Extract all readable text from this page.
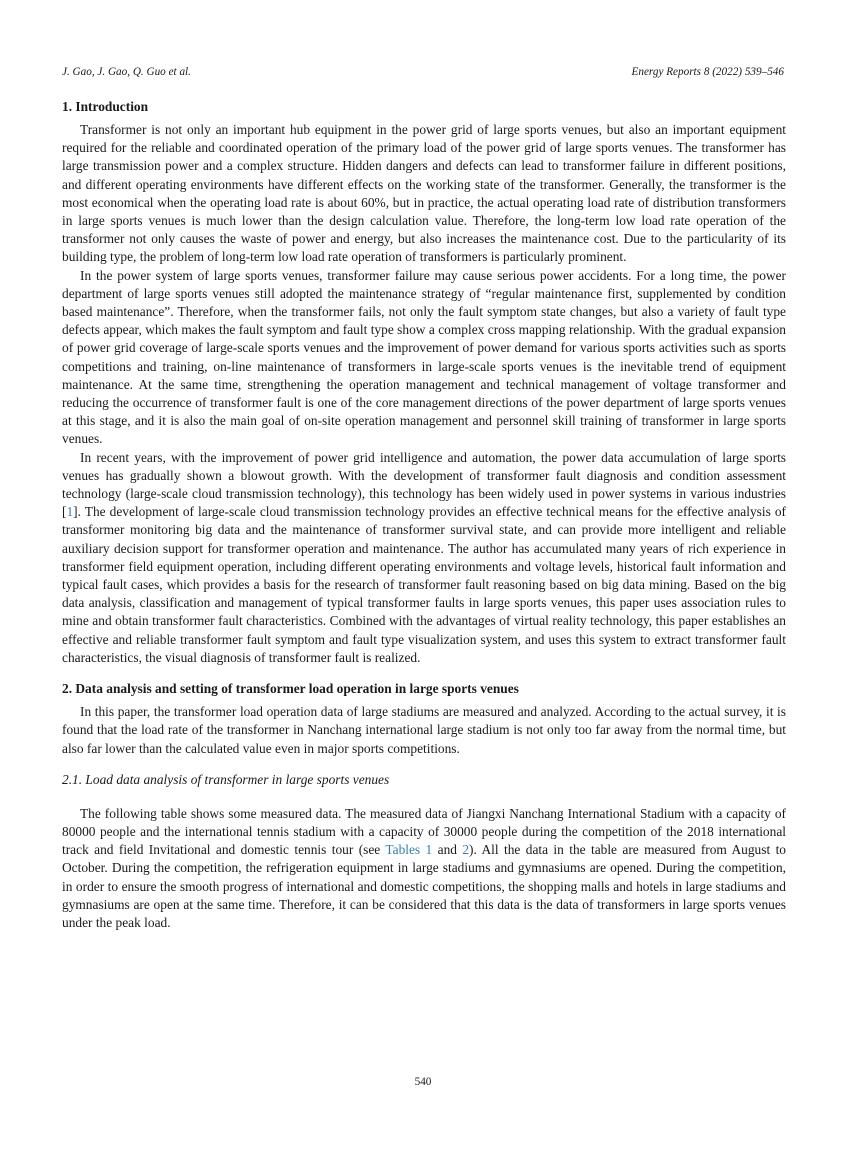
J. Gao, J. Gao, Q. Guo et al.	Energy Reports 8 (2022) 539–546
1. Introduction

Transformer is not only an important hub equipment in the power grid of large sports venues, but also an important equipment required for the reliable and coordinated operation of the primary load of the power grid of large sports venues. The transformer has large transmission power and a complex structure. Hidden dangers and defects can lead to transformer failure in different positions, and different operating environments have different effects on the working state of the transformer. Generally, the transformer is the most economical when the operating load rate is about 60%, but in practice, the actual operating load rate of distribution transformers in large sports venues is much lower than the design calculation value. Therefore, the long-term low load rate operation of the transformer not only causes the waste of power and energy, but also increases the maintenance cost. Due to the particularity of its building type, the problem of long-term low load rate operation of transformers is particularly prominent.

In the power system of large sports venues, transformer failure may cause serious power accidents. For a long time, the power department of large sports venues still adopted the maintenance strategy of “regular maintenance first, supplemented by condition based maintenance”. Therefore, when the transformer fails, not only the fault symptom state changes, but also a variety of fault type defects appear, which makes the fault symptom and fault type show a complex cross mapping relationship. With the gradual expansion of power grid coverage of large-scale sports venues and the improvement of power demand for various sports activities such as sports competitions and training, on-line maintenance of transformers in large-scale sports venues is the inevitable trend of equipment maintenance. At the same time, strengthening the operation management and technical management of voltage transformer and reducing the occurrence of transformer fault is one of the core management directions of the power department of large sports venues at this stage, and it is also the main goal of on-site operation management and personnel skill training of transformer in large sports venues.

In recent years, with the improvement of power grid intelligence and automation, the power data accumulation of large sports venues has gradually shown a blowout growth. With the development of transformer fault diagnosis and condition assessment technology (large-scale cloud transmission technology), this technology has been widely used in power systems in various industries [1]. The development of large-scale cloud transmission technology provides an effective technical means for the effective analysis of transformer monitoring big data and the maintenance of transformer survival state, and can provide more intelligent and reliable auxiliary decision support for transformer operation and maintenance. The author has accumulated many years of rich experience in transformer field equipment operation, including different operating environments and voltage levels, historical fault information and typical fault cases, which provides a basis for the research of transformer fault reasoning based on big data mining. Based on the big data analysis, classification and management of typical transformer faults in large sports venues, this paper uses association rules to mine and obtain transformer fault characteristics. Combined with the advantages of virtual reality technology, this paper establishes an effective and reliable transformer fault symptom and fault type visualization system, and uses this system to extract transformer fault characteristics, the visual diagnosis of transformer fault is realized.

2. Data analysis and setting of transformer load operation in large sports venues

In this paper, the transformer load operation data of large stadiums are measured and analyzed. According to the actual survey, it is found that the load rate of the transformer in Nanchang international large stadium is not only too far away from the normal time, but also far lower than the calculated value even in major sports competitions.

2.1. Load data analysis of transformer in large sports venues

The following table shows some measured data. The measured data of Jiangxi Nanchang International Stadium with a capacity of 80000 people and the international tennis stadium with a capacity of 30000 people during the competition of the 2018 international track and field Invitational and domestic tennis tour (see Tables 1 and 2). All the data in the table are measured from August to October. During the competition, the refrigeration equipment in large stadiums and gymnasiums are opened. During the competition, in order to ensure the smooth progress of international and domestic competitions, the shopping malls and hotels in large stadiums and gymnasiums are open at the same time. Therefore, it can be considered that this data is the data of transformers in large sports venues under the peak load.

540
